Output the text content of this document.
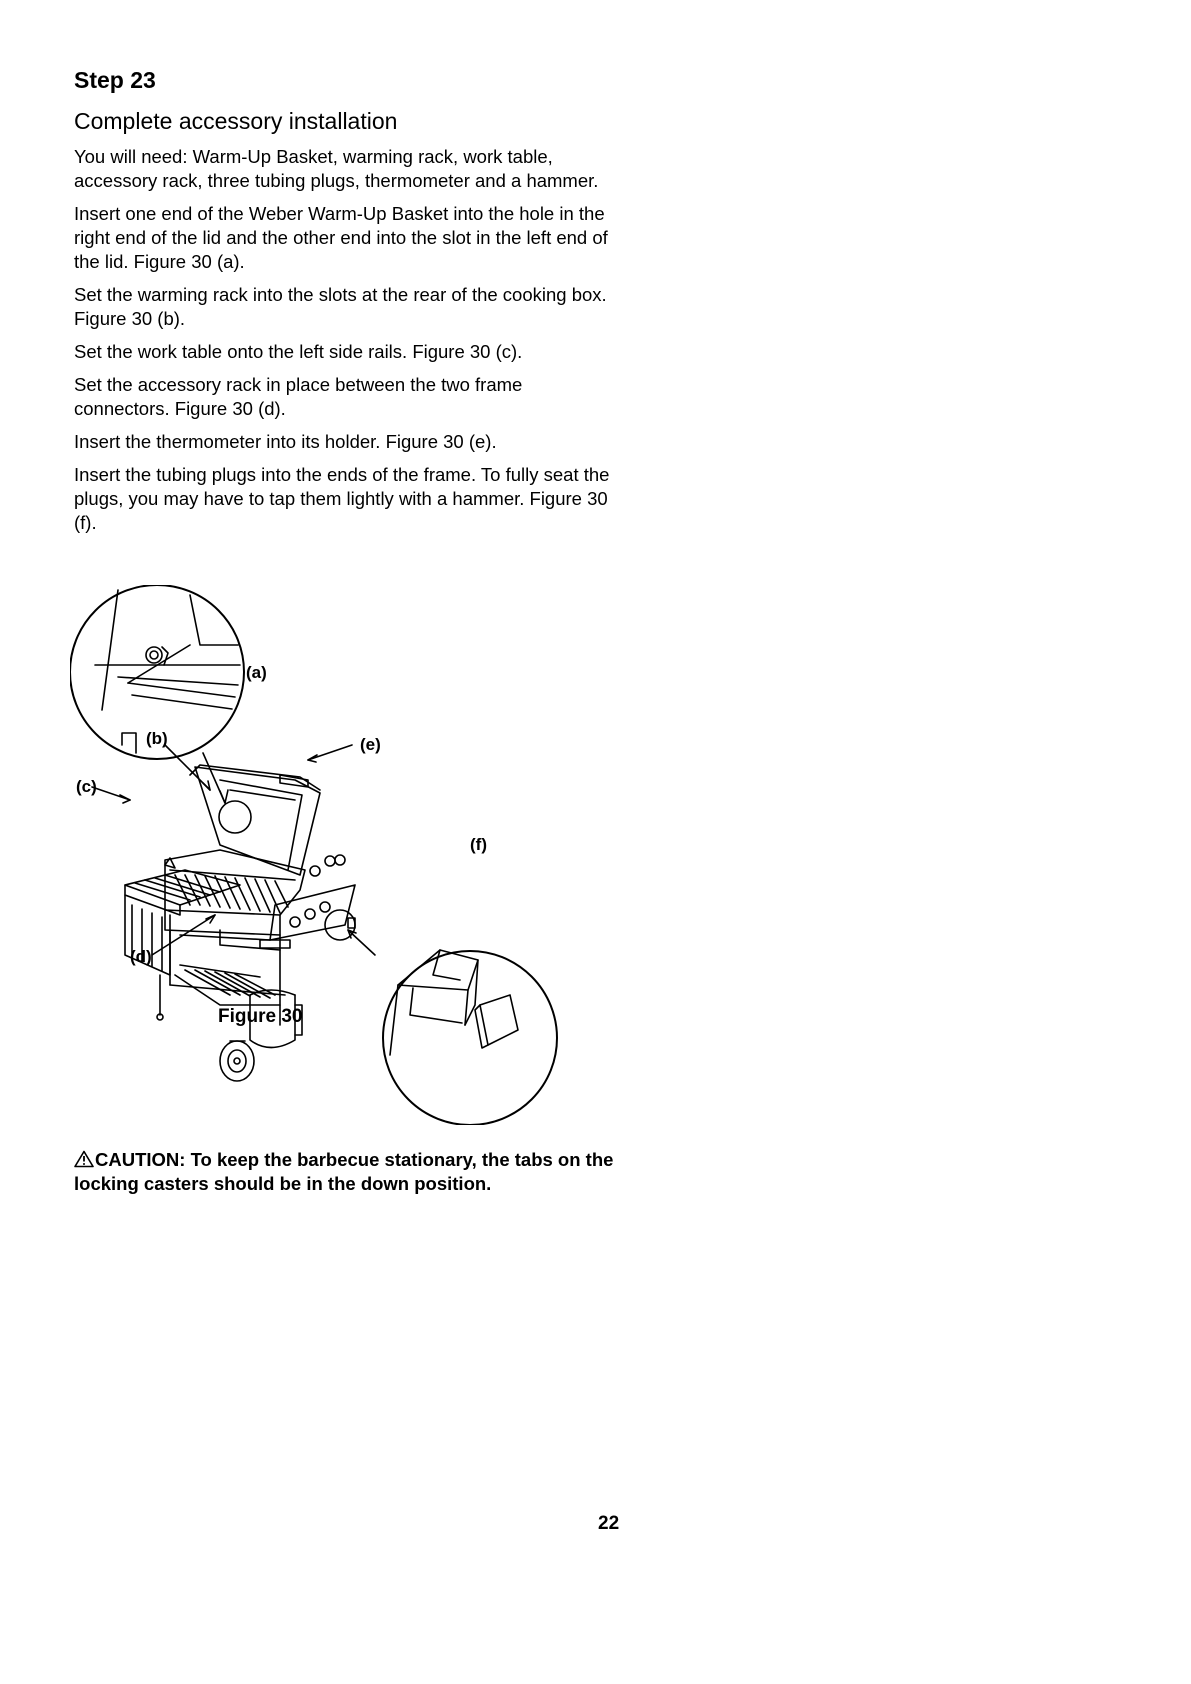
Step 23
Complete accessory installation

You will need: Warm-Up Basket, warming rack, work table, accessory rack, three tubing plugs, thermometer and a hammer.

Insert one end of the Weber Warm-Up Basket into the hole in the right end of the lid and the other end into the slot in the left end of the lid. Figure 30 (a).

Set the warming rack into the slots at the rear of the cooking box. Figure 30 (b).

Set the work table onto the left side rails. Figure 30 (c).

Set the accessory rack in place between the two frame connectors. Figure 30 (d).

Insert the thermometer into its holder. Figure 30 (e).

Insert the tubing plugs into the ends of the frame. To fully seat the plugs, you may have to tap them lightly with a hammer. Figure 30 (f).

(a)
(b)
(c)
(d)
(e)
(f)
Figure 30
CAUTION: To keep the barbecue stationary, the tabs on the locking casters should be in the down position.
22
